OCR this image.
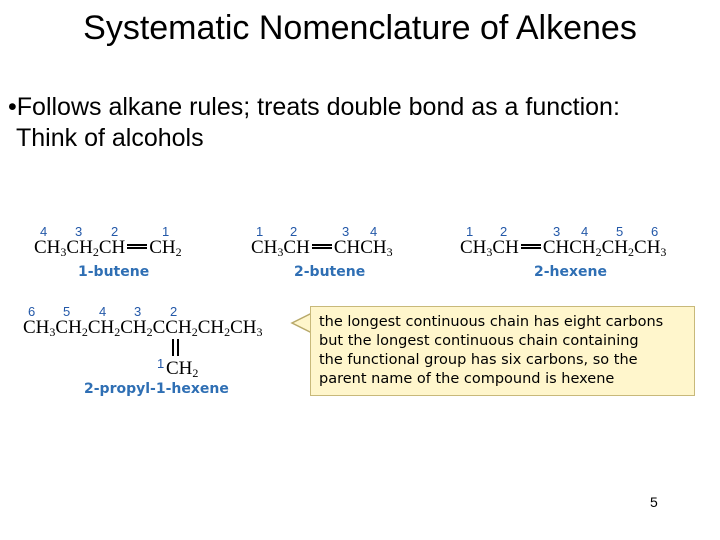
Systematic Nomenclature of Alkenes
•Follows alkane rules; treats double bond as a function:
Think of alcohols
4 3 2	1
$CH_3CH_2CH$ $CH_2$
1-butene
1 2	3 4
$CH_3CH$ $CHCH_3$
2-butene
1 2	3 4 5 6
$CH_3CH$ $CHCH_2CH_2CH_3$
2-hexene
6 5 4 3 2
1
$CH_3CH_2CH_2CH_2CCH_2CH_2CH_3$
$CH_2$
2-propyl-1-hexene
the longest continuous chain has eight carbons
but the longest continuous chain containing
the functional group has six carbons, so the
parent name of the compound is hexene
5
